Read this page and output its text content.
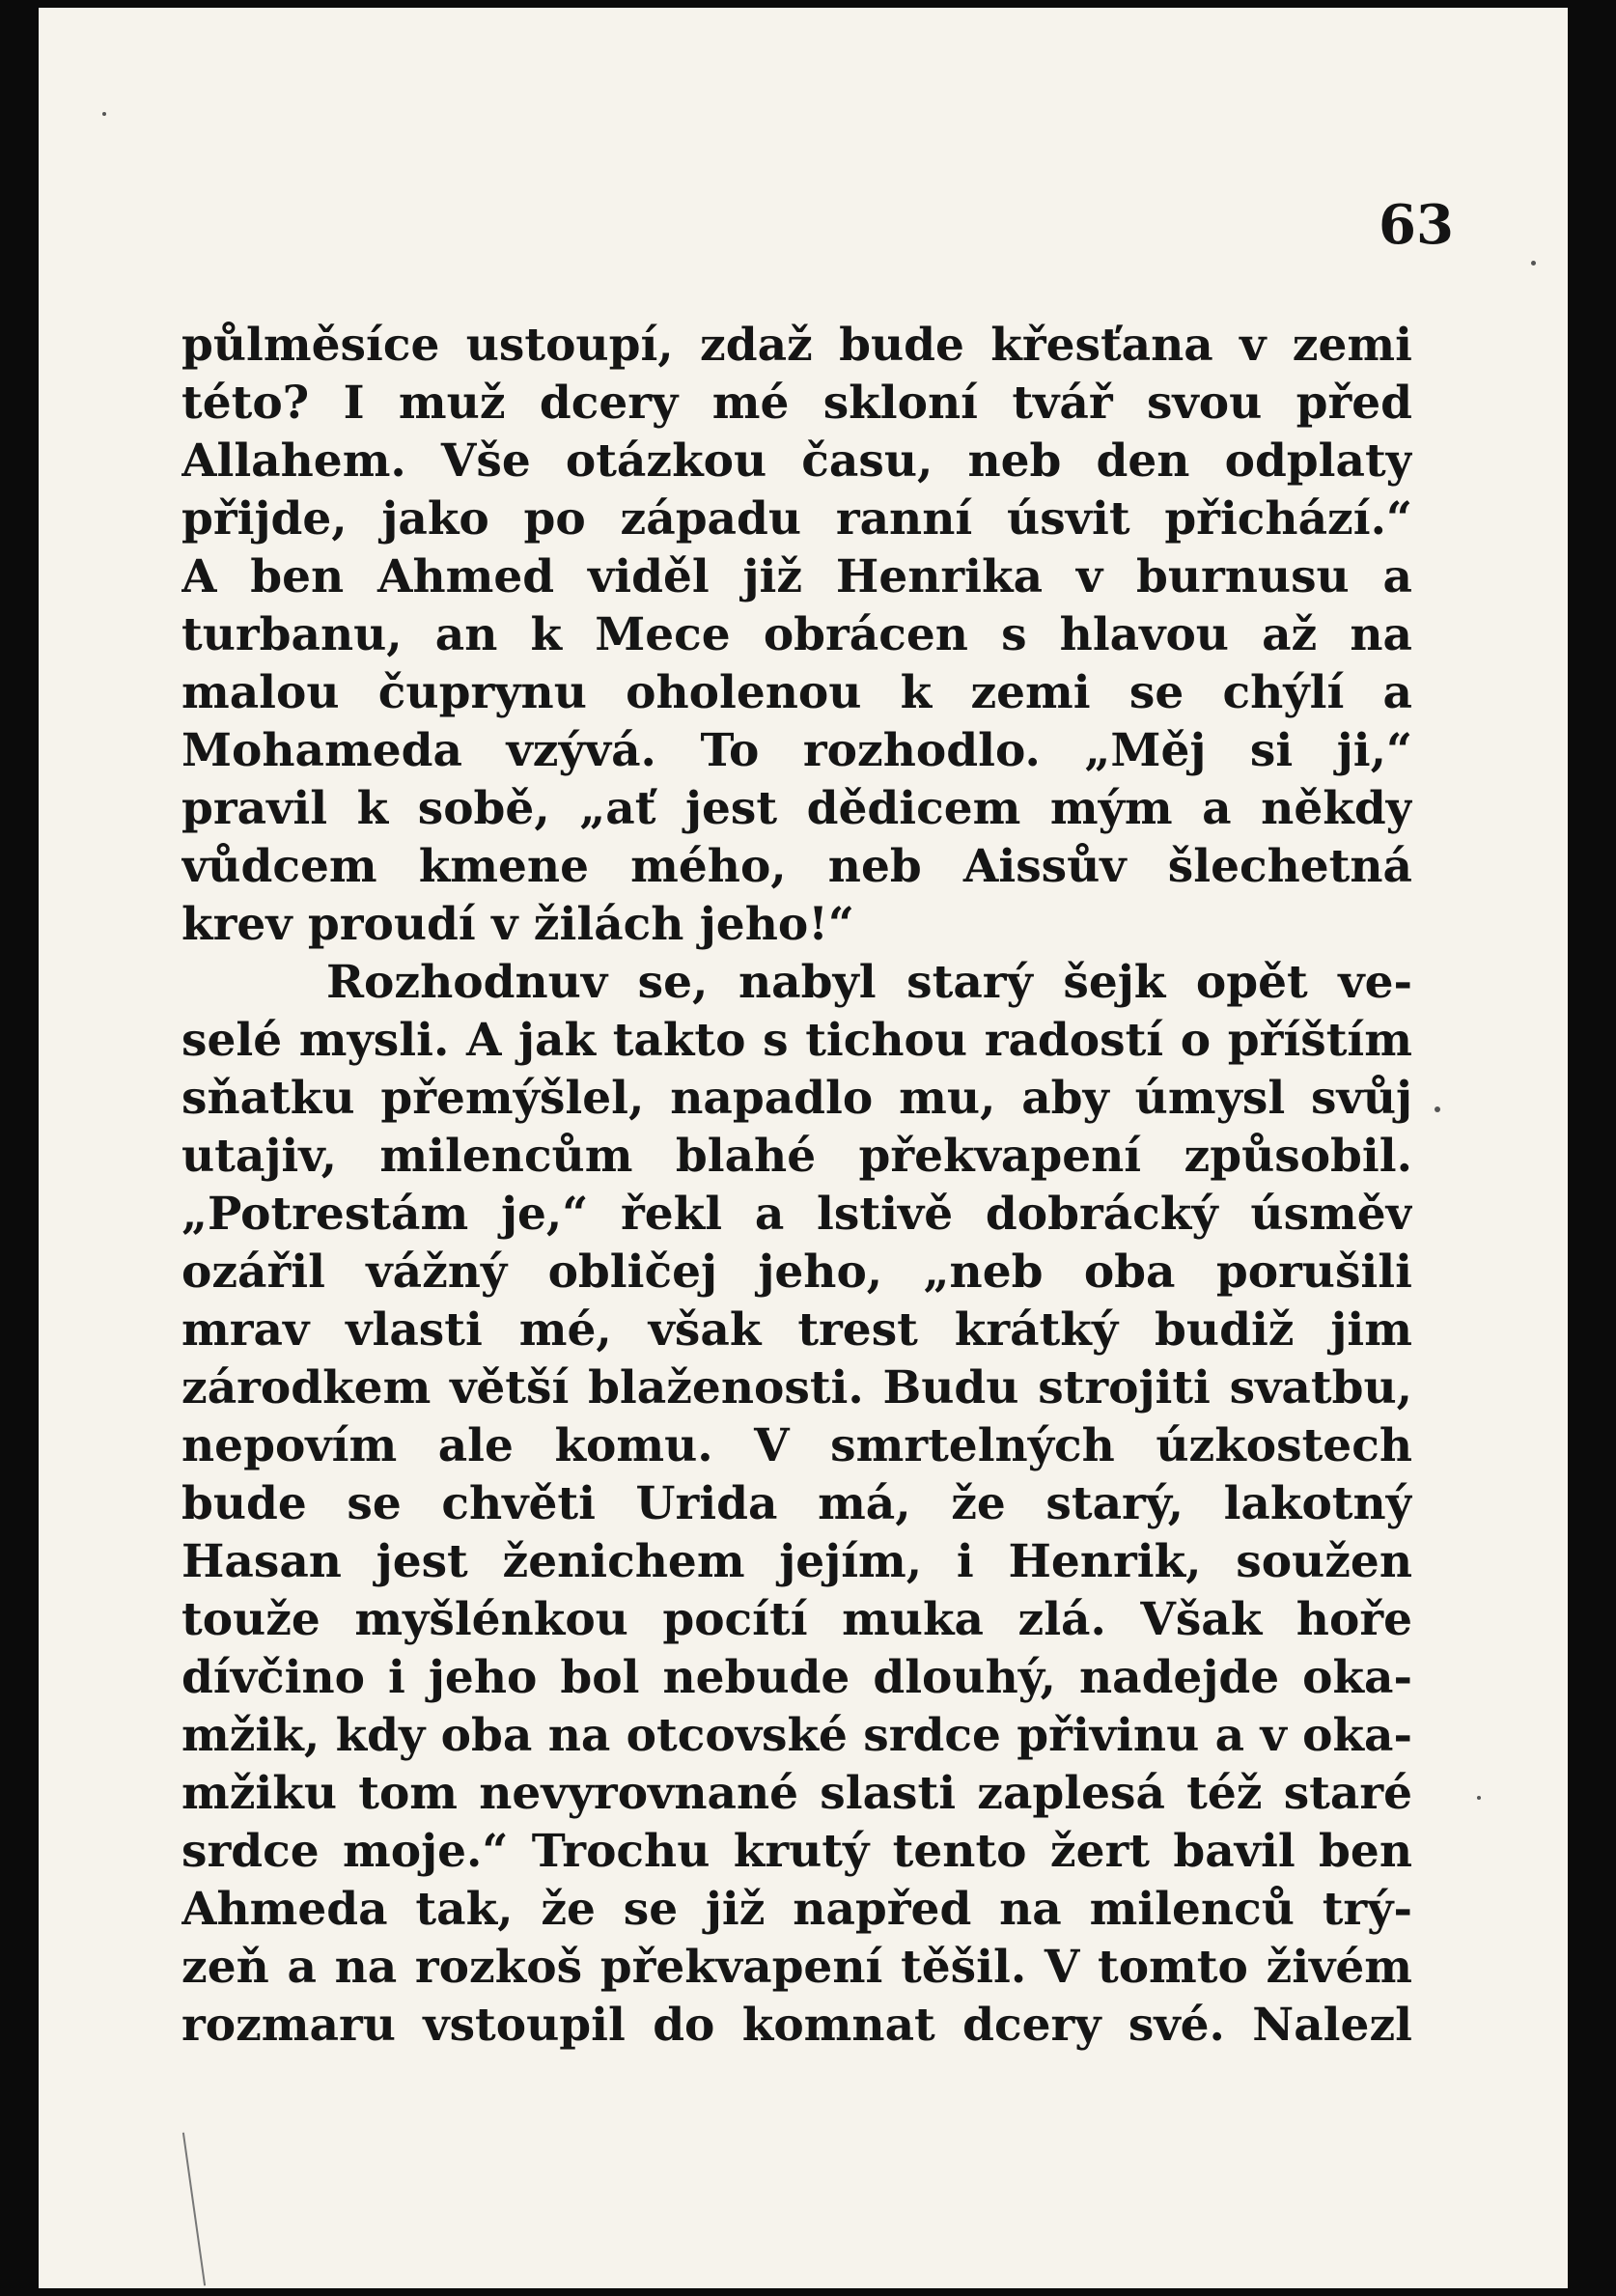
63
půlměsíce ustoupí, zdaž bude křesťana v zemi
této? I muž dcery mé skloní tvář svou před
Allahem. Vše otázkou času, neb den odplaty
přijde, jako po západu ranní úsvit přichází.“
A ben Ahmed viděl již Henrika v burnusu a
turbanu, an k Mece obrácen s hlavou až na
malou čuprynu oholenou k zemi se chýlí a
Mohameda vzývá. To rozhodlo. „Měj si ji,“
pravil k sobě, „ať jest dědicem mým a někdy
vůdcem kmene mého, neb Aissův šlechetná
krev proudí v žilách jeho!“
Rozhodnuv se, nabyl starý šejk opět ve-
selé mysli. A jak takto s tichou radostí o příštím
sňatku přemýšlel, napadlo mu, aby úmysl svůj
utajiv, milencům blahé překvapení způsobil.
„Potrestám je,“ řekl a lstivě dobrácký úsměv
ozářil vážný obličej jeho, „neb oba porušili
mrav vlasti mé, však trest krátký budiž jim
zárodkem větší blaženosti. Budu strojiti svatbu,
nepovím ale komu. V smrtelných úzkostech
bude se chvěti Urida má, že starý, lakotný
Hasan jest ženichem jejím, i Henrik, soužen
touže myšlénkou pocítí muka zlá. Však hoře
dívčino i jeho bol nebude dlouhý, nadejde oka-
mžik, kdy oba na otcovské srdce přivinu a v oka-
mžiku tom nevyrovnané slasti zaplesá též staré
srdce moje.“ Trochu krutý tento žert bavil ben
Ahmeda tak, že se již napřed na milenců trý-
zeň a na rozkoš překvapení těšil. V tomto živém
rozmaru vstoupil do komnat dcery své. Nalezl
